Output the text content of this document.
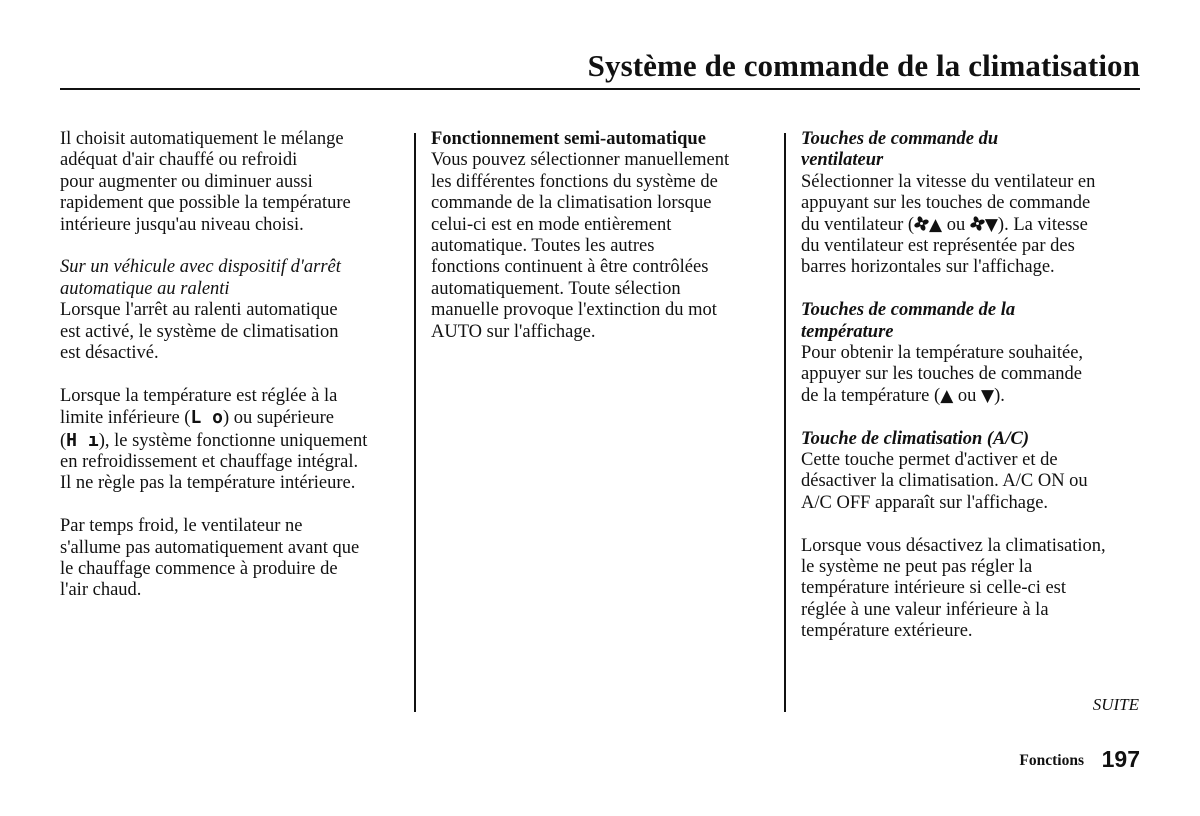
Système de commande de la climatisation
Il choisit automatiquement le mélange
adéquat d'air chauffé ou refroidi
pour augmenter ou diminuer aussi
rapidement que possible la température
intérieure jusqu'au niveau choisi.
Sur un véhicule avec dispositif d'arrêt
automatique au ralenti
Lorsque l'arrêt au ralenti automatique
est activé, le système de climatisation
est désactivé.
Lorsque la température est réglée à la
limite inférieure (L o) ou supérieure
(H ı), le système fonctionne uniquement
en refroidissement et chauffage intégral.
Il ne règle pas la température intérieure.
Par temps froid, le ventilateur ne
s'allume pas automatiquement avant que
le chauffage commence à produire de
l'air chaud.
Fonctionnement semi-automatique
Vous pouvez sélectionner manuellement
les différentes fonctions du système de
commande de la climatisation lorsque
celui-ci est en mode entièrement
automatique. Toutes les autres
fonctions continuent à être contrôlées
automatiquement. Toute sélection
manuelle provoque l'extinction du mot
AUTO sur l'affichage.
Touches de commande du
ventilateur
Sélectionner la vitesse du ventilateur en
appuyant sur les touches de commande
du ventilateur ( ▲ ou ▼). La vitesse
du ventilateur est représentée par des
barres horizontales sur l'affichage.
Touches de commande de la
température
Pour obtenir la température souhaitée,
appuyer sur les touches de commande
de la température (▲ ou ▼).
Touche de climatisation (A/C)
Cette touche permet d'activer et de
désactiver la climatisation. A/C ON ou
A/C OFF apparaît sur l'affichage.
Lorsque vous désactivez la climatisation,
le système ne peut pas régler la
température intérieure si celle-ci est
réglée à une valeur inférieure à la
température extérieure.
SUITE
Fonctions 197
